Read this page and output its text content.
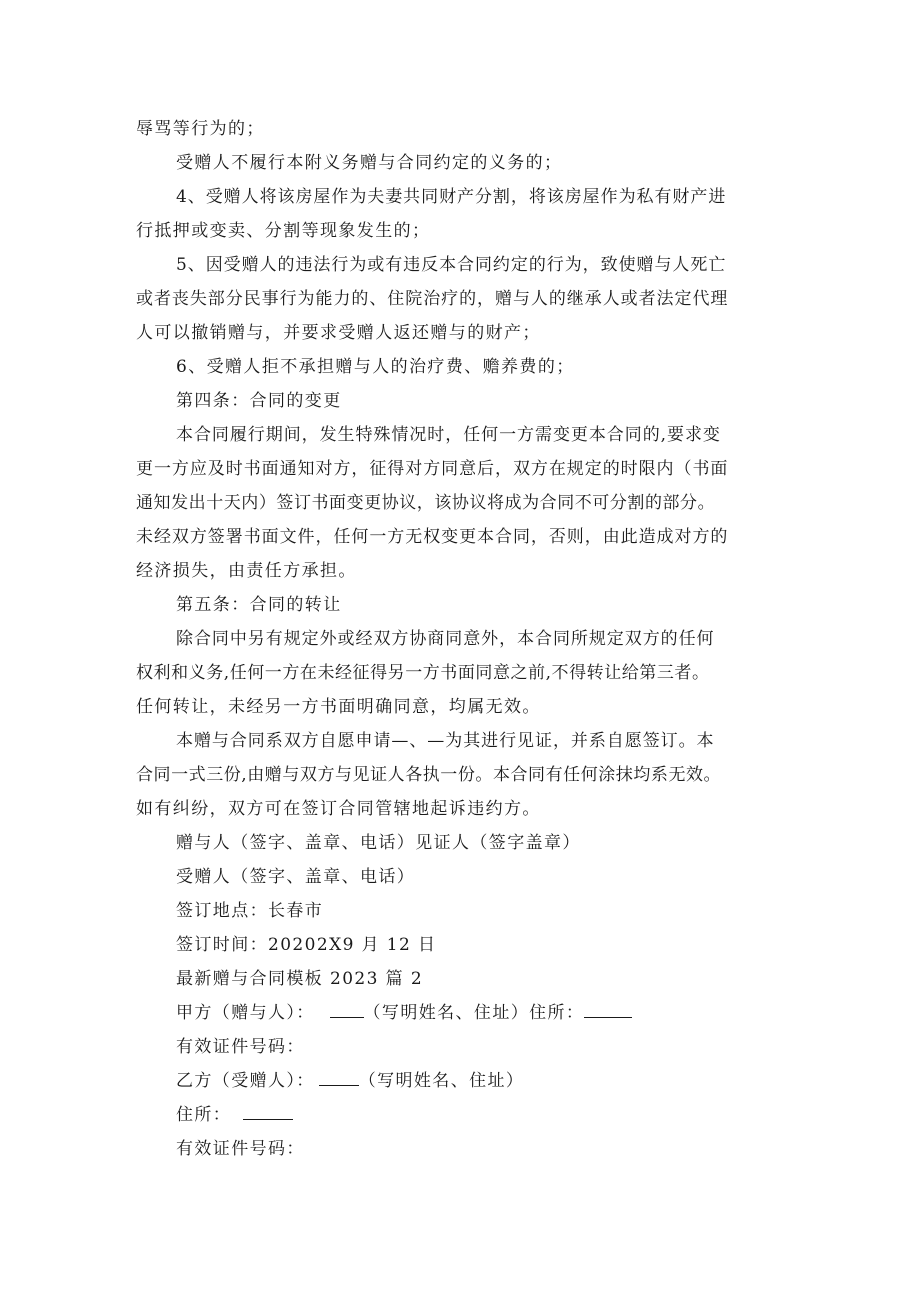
辱骂等行为的；
受赠人不履行本附义务赠与合同约定的义务的；
4、受赠人将该房屋作为夫妻共同财产分割，将该房屋作为私有财产进
行抵押或变卖、分割等现象发生的；
5、因受赠人的违法行为或有违反本合同约定的行为，致使赠与人死亡
或者丧失部分民事行为能力的、住院治疗的，赠与人的继承人或者法定代理
人可以撤销赠与，并要求受赠人返还赠与的财产；
6、受赠人拒不承担赠与人的治疗费、赡养费的；
第四条：合同的变更
本合同履行期间，发生特殊情况时，任何一方需变更本合同的,要求变
更一方应及时书面通知对方，征得对方同意后，双方在规定的时限内（书面
通知发出十天内）签订书面变更协议，该协议将成为合同不可分割的部分。
未经双方签署书面文件，任何一方无权变更本合同，否则，由此造成对方的
经济损失，由责任方承担。
第五条：合同的转让
除合同中另有规定外或经双方协商同意外，本合同所规定双方的任何
权利和义务,任何一方在未经征得另一方书面同意之前,不得转让给第三者。
任何转让，未经另一方书面明确同意，均属无效。
本赠与合同系双方自愿申请—、—为其进行见证，并系自愿签订。本
合同一式三份,由赠与双方与见证人各执一份。本合同有任何涂抹均系无效。
如有纠纷，双方可在签订合同管辖地起诉违约方。
赠与人（签字、盖章、电话）见证人（签字盖章）
受赠人（签字、盖章、电话）
签订地点：长春市
签订时间：20202X9 月 12 日
最新赠与合同模板 2023 篇 2
甲方（赠与人）：	（写明姓名、住址）住所：
有效证件号码：
乙方（受赠人）：	（写明姓名、住址）
住所：
有效证件号码：
